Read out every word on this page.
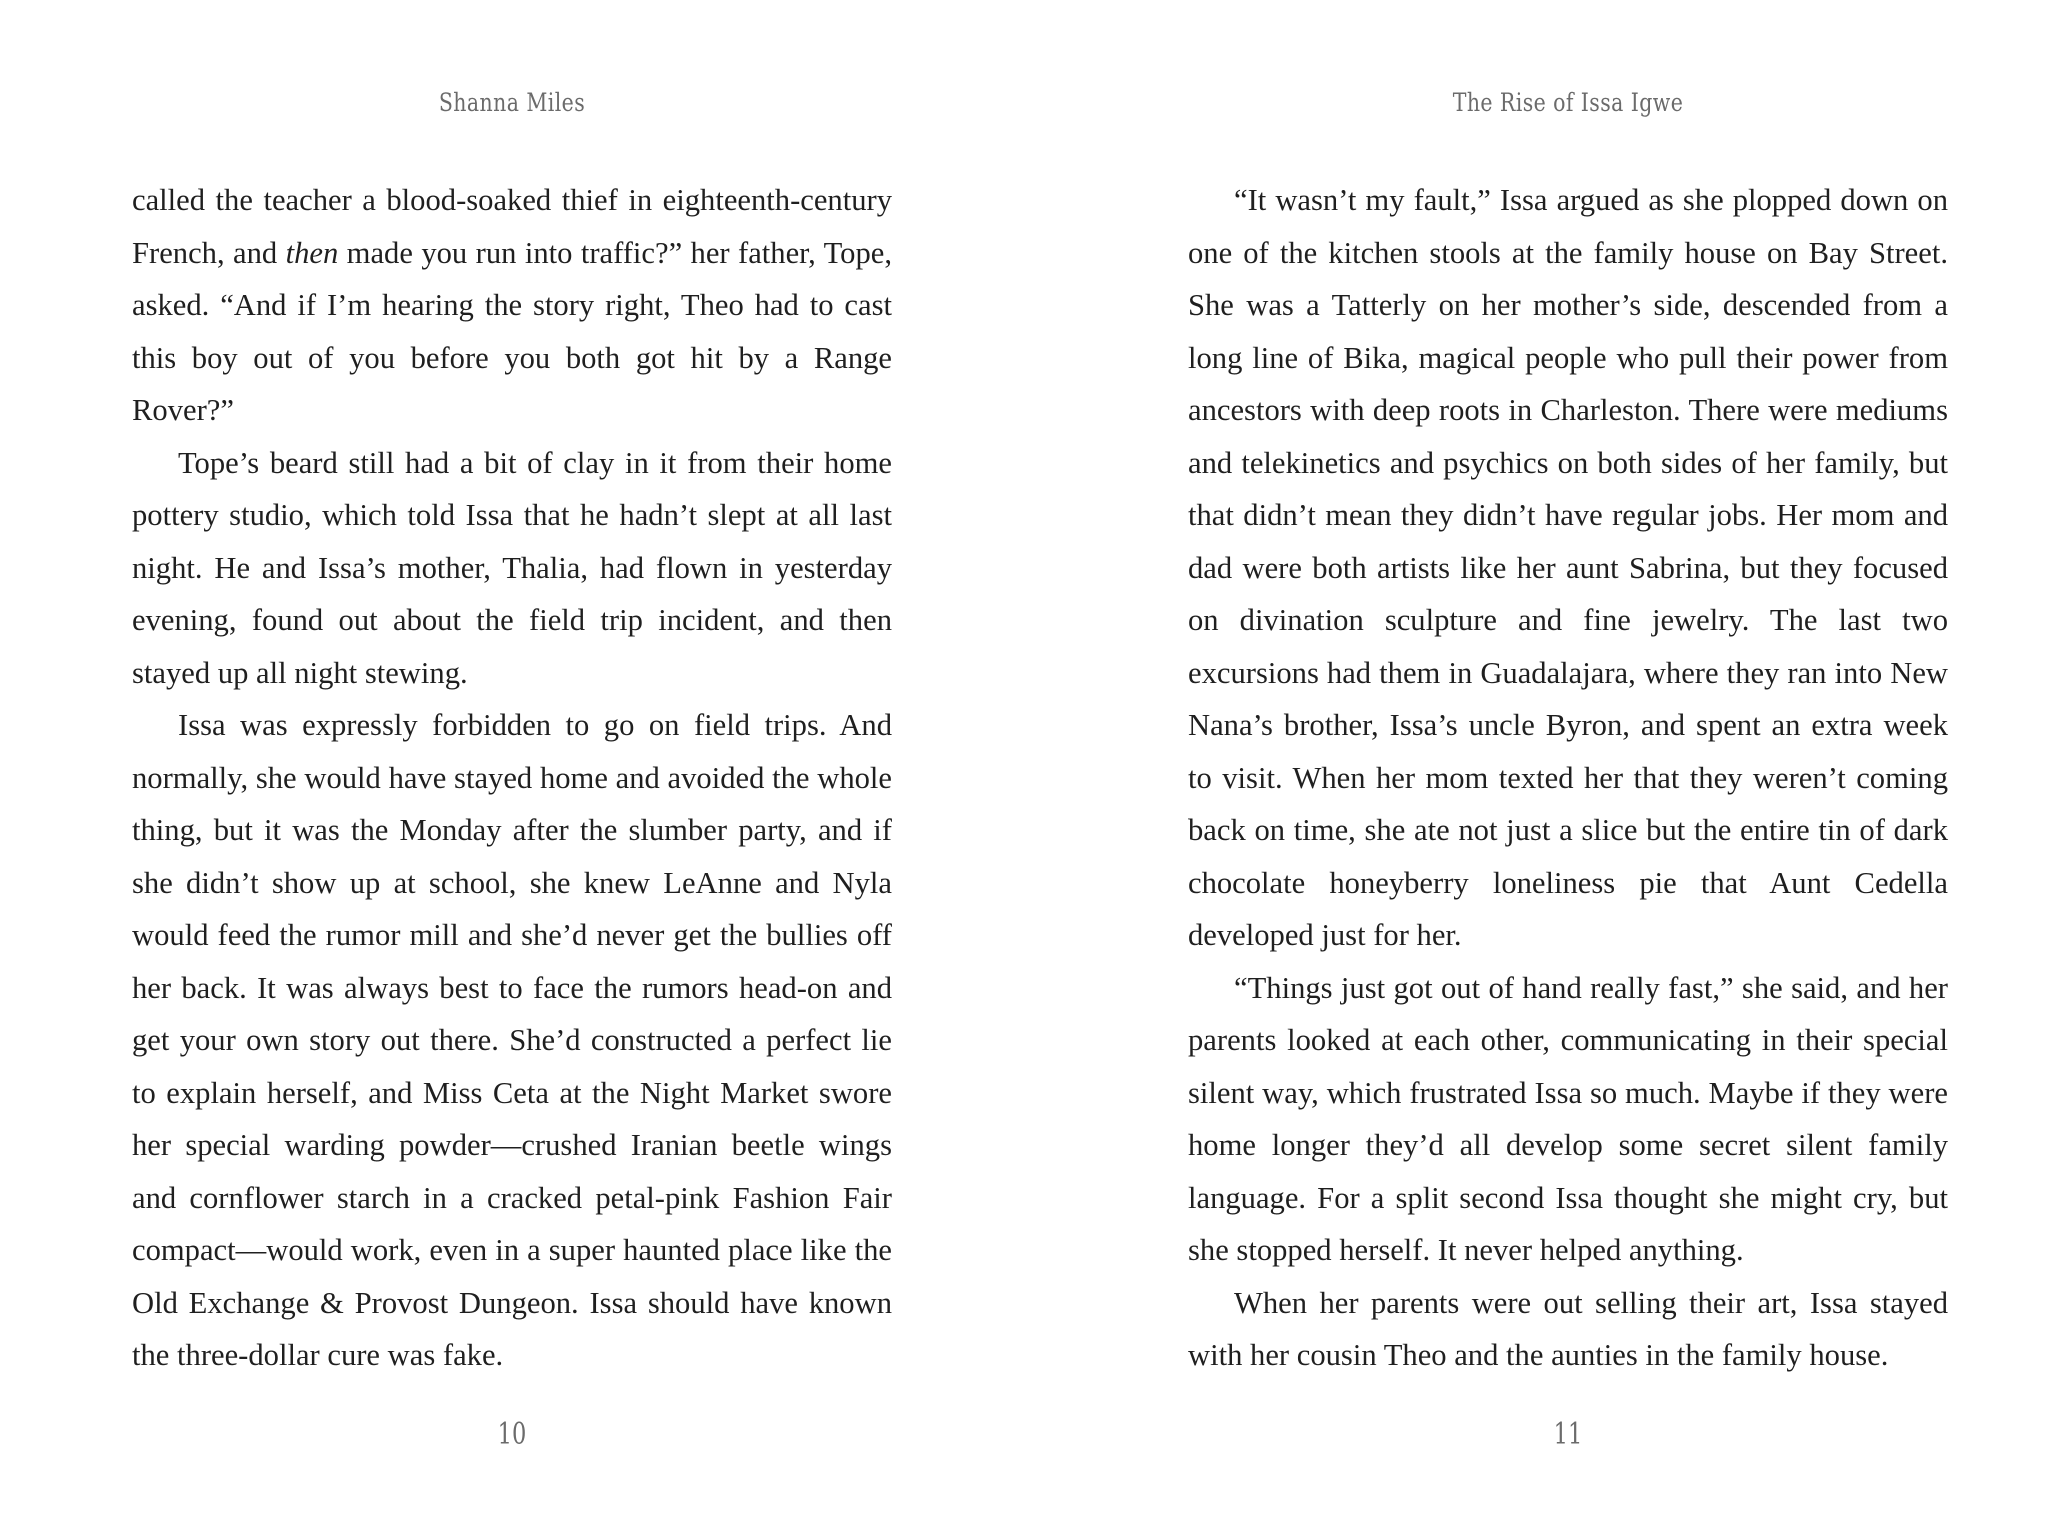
Shanna Miles

called the teacher a blood-soaked thief in eighteenth-century French, and then made you run into traffic?” her father, Tope, asked. “And if I’m hearing the story right, Theo had to cast this boy out of you before you both got hit by a Range Rover?”

Tope’s beard still had a bit of clay in it from their home pottery studio, which told Issa that he hadn’t slept at all last night. He and Issa’s mother, Thalia, had flown in yesterday evening, found out about the field trip incident, and then stayed up all night stewing.

Issa was expressly forbidden to go on field trips. And normally, she would have stayed home and avoided the whole thing, but it was the Monday after the slumber party, and if she didn’t show up at school, she knew LeAnne and Nyla would feed the rumor mill and she’d never get the bullies off her back. It was always best to face the rumors head-on and get your own story out there. She’d constructed a perfect lie to explain herself, and Miss Ceta at the Night Market swore her special warding powder—crushed Iranian beetle wings and cornflower starch in a cracked petal-pink Fashion Fair compact—would work, even in a super haunted place like the Old Exchange & Provost Dungeon. Issa should have known the three-dollar cure was fake.

10
The Rise of Issa Igwe

“It wasn’t my fault,” Issa argued as she plopped down on one of the kitchen stools at the family house on Bay Street. She was a Tatterly on her mother’s side, descended from a long line of Bika, magical people who pull their power from ancestors with deep roots in Charleston. There were mediums and telekinetics and psychics on both sides of her family, but that didn’t mean they didn’t have regular jobs. Her mom and dad were both artists like her aunt Sabrina, but they focused on divination sculpture and fine jewelry. The last two excursions had them in Guadalajara, where they ran into New Nana’s brother, Issa’s uncle Byron, and spent an extra week to visit. When her mom texted her that they weren’t coming back on time, she ate not just a slice but the entire tin of dark chocolate honeyberry loneliness pie that Aunt Cedella developed just for her.

“Things just got out of hand really fast,” she said, and her parents looked at each other, communicating in their special silent way, which frustrated Issa so much. Maybe if they were home longer they’d all develop some secret silent family language. For a split second Issa thought she might cry, but she stopped herself. It never helped anything.

When her parents were out selling their art, Issa stayed with her cousin Theo and the aunties in the family house.

11
